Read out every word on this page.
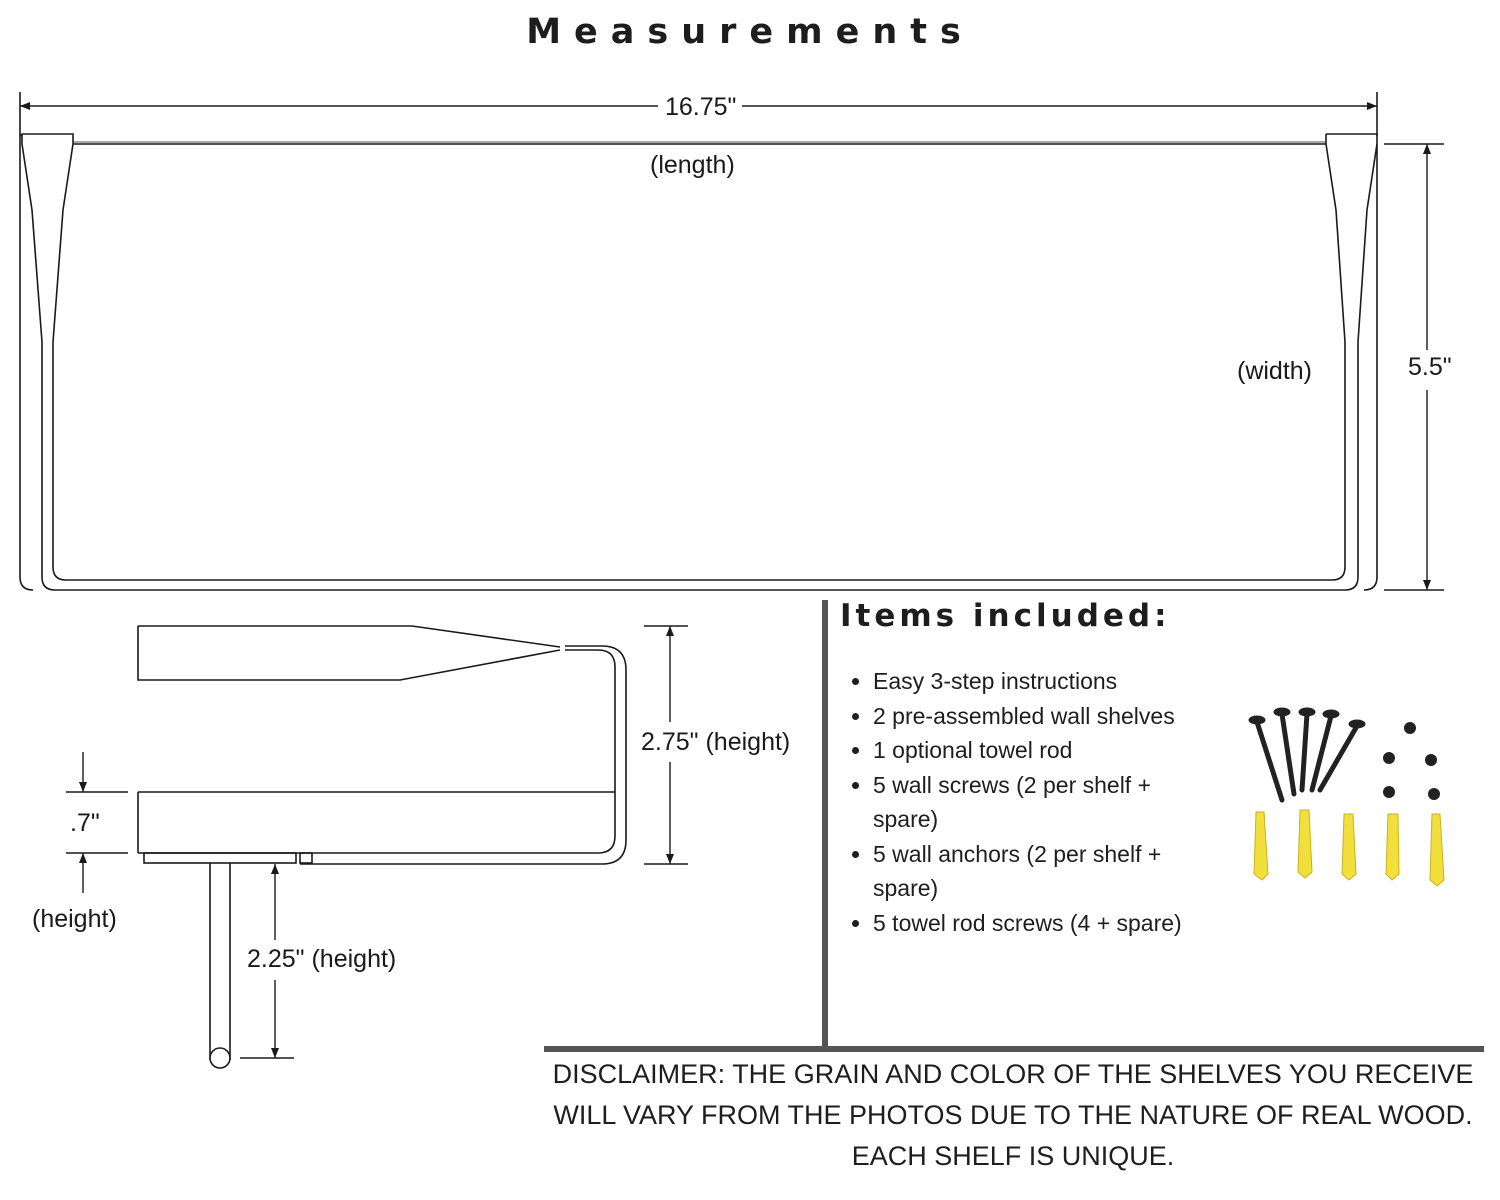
Measurements
16.75"
(length)
(width)	5.5"
2.75" (height)
.7"
(height)
2.25" (height)
Items included:
• Easy 3-step instructions
• 2 pre-assembled wall shelves
• 1 optional towel rod
• 5 wall screws (2 per shelf + spare)
• 5 wall anchors (2 per shelf + spare)
• 5 towel rod screws (4 + spare)
DISCLAIMER: THE GRAIN AND COLOR OF THE SHELVES YOU RECEIVE WILL VARY FROM THE PHOTOS DUE TO THE NATURE OF REAL WOOD. EACH SHELF IS UNIQUE.
